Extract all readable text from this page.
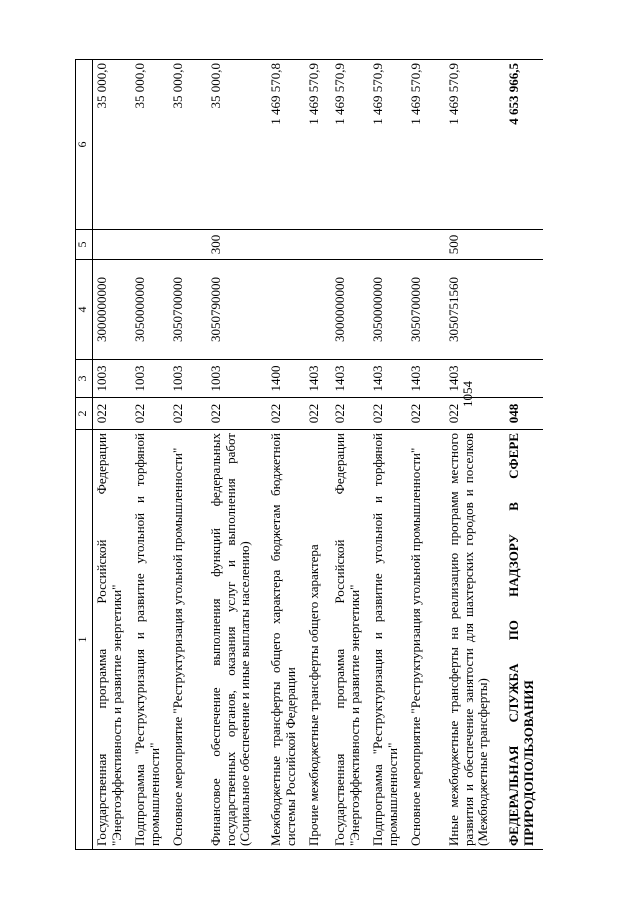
1054
1	2	3	4	5	6
Государственная программа Российской Федерации "Энергоэффективность и развитие энергетики"	022	1003	3000000000		35 000,0
Подпрограмма "Реструктуризация и развитие угольной и торфяной промышленности"	022	1003	3050000000		35 000,0
Основное мероприятие "Реструктуризация угольной промышленности"	022	1003	3050700000		35 000,0
Финансовое обеспечение выполнения функций федеральных государственных органов, оказания услуг и выполнения работ (Социальное обеспечение и иные выплаты населению)	022	1003	3050790000	300	35 000,0
Межбюджетные трансферты общего характера бюджетам бюджетной системы Российской Федерации	022	1400			1 469 570,8
Прочие межбюджетные трансферты общего характера	022	1403			1 469 570,9
Государственная программа Российской Федерации "Энергоэффективность и развитие энергетики"	022	1403	3000000000		1 469 570,9
Подпрограмма "Реструктуризация и развитие угольной и торфяной промышленности"	022	1403	3050000000		1 469 570,9
Основное мероприятие "Реструктуризация угольной промышленности"	022	1403	3050700000		1 469 570,9
Иные межбюджетные трансферты на реализацию программ местного развития и обеспечение занятости для шахтерских городов и поселков (Межбюджетные трансферты)	022	1403	3050751560	500	1 469 570,9
ФЕДЕРАЛЬНАЯ СЛУЖБА ПО НАДЗОРУ В СФЕРЕ ПРИРОДОПОЛЬЗОВАНИЯ	048				4 653 966,5
